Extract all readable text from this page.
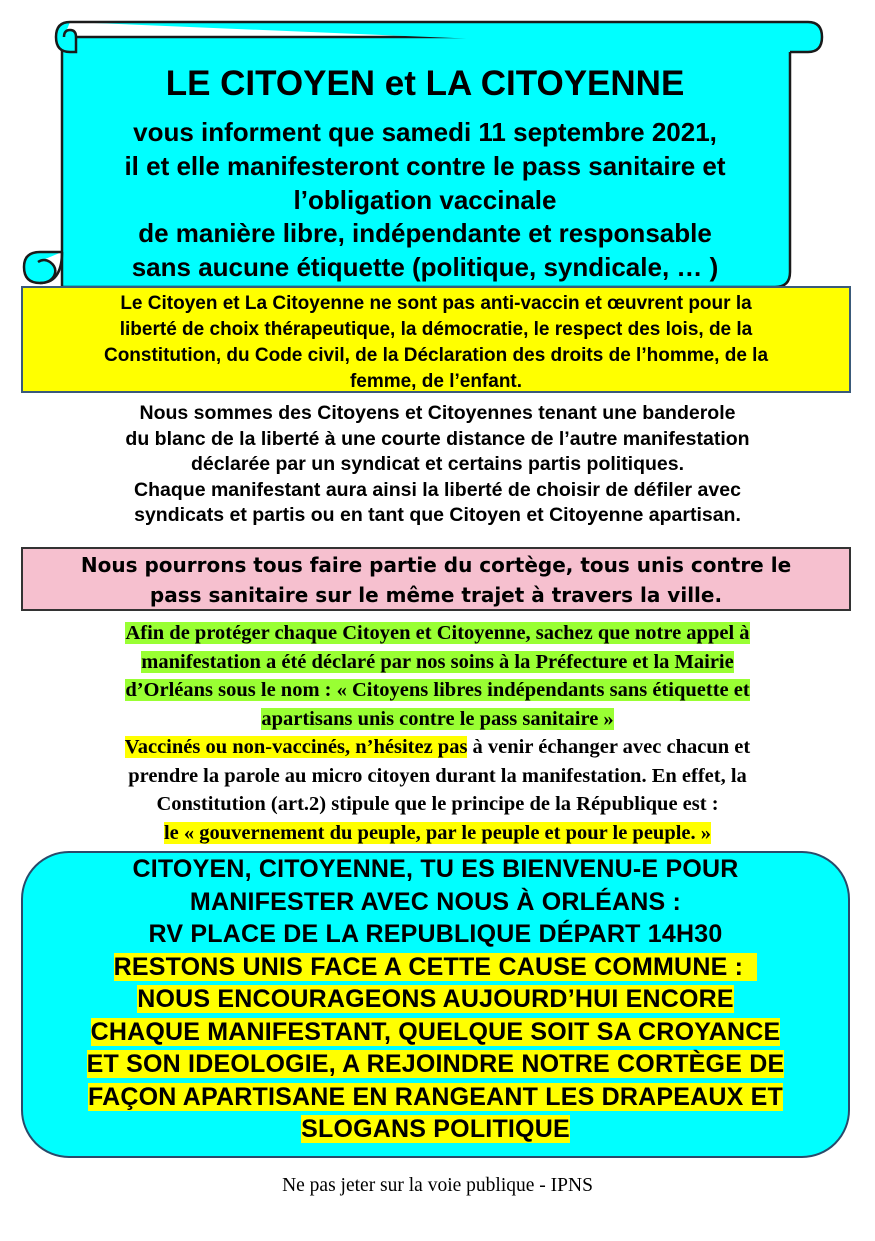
LE CITOYEN et LA CITOYENNE
vous informent que samedi 11 septembre 2021,
il et elle manifesteront contre le pass sanitaire et
l’obligation vaccinale
de manière libre, indépendante et responsable
sans aucune étiquette (politique, syndicale, … )
Le Citoyen et La Citoyenne ne sont pas anti-vaccin et œuvrent pour la
liberté de choix thérapeutique, la démocratie, le respect des lois, de la
Constitution, du Code civil, de la Déclaration des droits de l’homme, de la
femme, de l’enfant.
Nous sommes des Citoyens et Citoyennes tenant une banderole
du blanc de la liberté à une courte distance de l’autre manifestation
déclarée par un syndicat et certains partis politiques.
Chaque manifestant aura ainsi la liberté de choisir de défiler avec
syndicats et partis ou en tant que Citoyen et Citoyenne apartisan.
Nous pourrons tous faire partie du cortège, tous unis contre le
pass sanitaire sur le même trajet à travers la ville.
Afin de protéger chaque Citoyen et Citoyenne, sachez que notre appel à
manifestation a été déclaré par nos soins à la Préfecture et la Mairie
d’Orléans sous le nom : « Citoyens libres indépendants sans étiquette et
apartisans unis contre le pass sanitaire »
Vaccinés ou non-vaccinés, n’hésitez pas à venir échanger avec chacun et
prendre la parole au micro citoyen durant la manifestation. En effet, la
Constitution (art.2) stipule que le principe de la République est :
le « gouvernement du peuple, par le peuple et pour le peuple. »
CITOYEN, CITOYENNE, TU ES BIENVENU-E POUR
MANIFESTER AVEC NOUS À ORLÉANS :
RV PLACE DE LA REPUBLIQUE DÉPART 14H30
RESTONS UNIS FACE A CETTE CAUSE COMMUNE :
NOUS ENCOURAGEONS AUJOURD’HUI ENCORE
CHAQUE MANIFESTANT, QUELQUE SOIT SA CROYANCE
ET SON IDEOLOGIE, A REJOINDRE NOTRE CORTÈGE DE
FAÇON APARTISANE EN RANGEANT LES DRAPEAUX ET
SLOGANS POLITIQUE
Ne pas jeter sur la voie publique - IPNS
